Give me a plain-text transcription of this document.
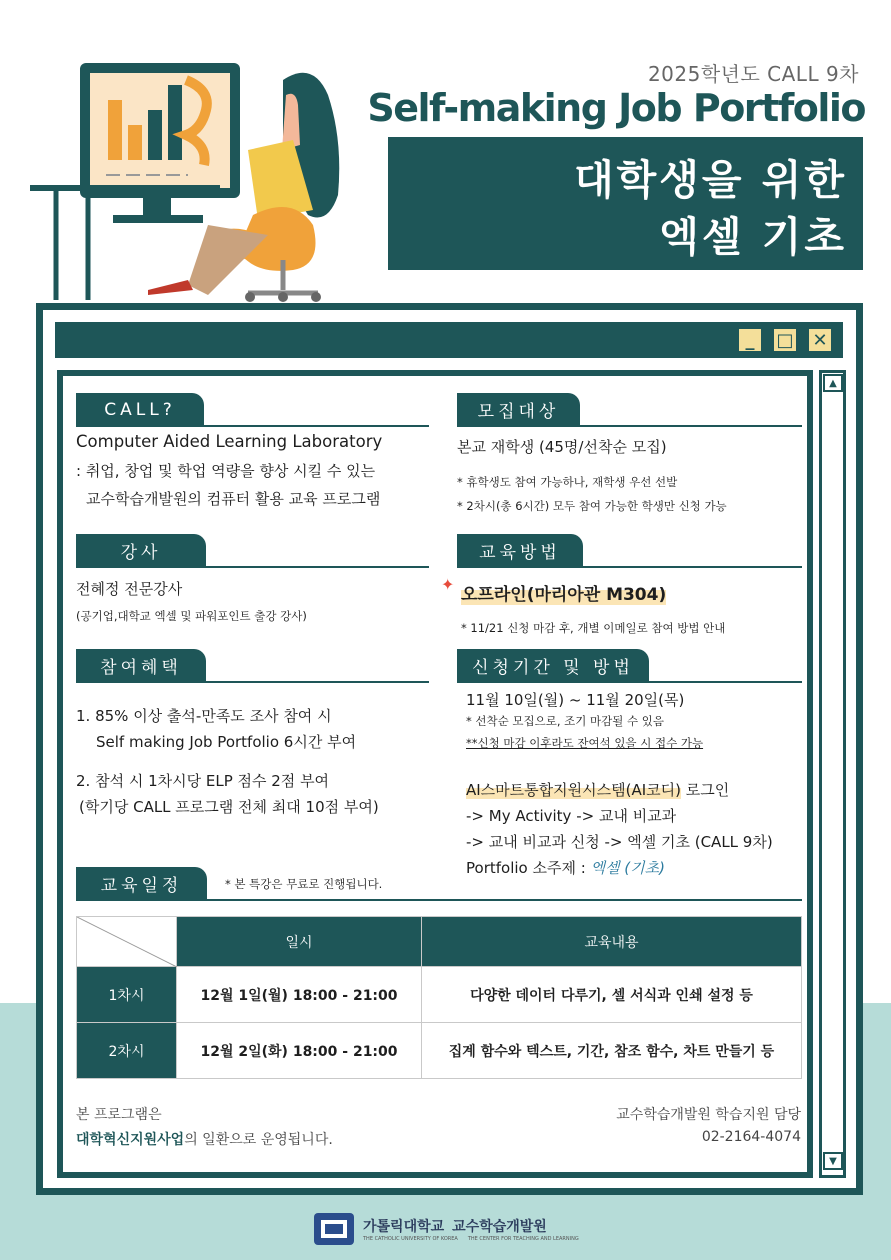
2025학년도 CALL 9차
Self-making Job Portfolio
대학생을 위한
엑셀 기초
_	□	✕
▲
▼
CALL?
Computer Aided Learning Laboratory
: 취업, 창업 및 학업 역량을 향상 시킬 수 있는
교수학습개발원의 컴퓨터 활용 교육 프로그램
모집대상
본교 재학생 (45명/선착순 모집)
* 휴학생도 참여 가능하나, 재학생 우선 선발
* 2차시(총 6시간) 모두 참여 가능한 학생만 신청 가능
강사
전혜정 전문강사
(공기업,대학교 엑셀 및 파워포인트 출강 강사)
교육방법
✦
오프라인(마리아관 M304)
* 11/21 신청 마감 후, 개별 이메일로 참여 방법 안내
참여혜택
1. 85% 이상 출석-만족도 조사 참여 시
Self making Job Portfolio 6시간 부여
2. 참석 시 1차시당 ELP 점수 2점 부여
(학기당 CALL 프로그램 전체 최대 10점 부여)
신청기간 및 방법
11월 10일(월) ~ 11월 20일(목)
* 선착순 모집으로, 조기 마감될 수 있음
**신청 마감 이후라도 잔여석 있을 시 접수 가능
AI스마트통합지원시스템(AI코디) 로그인
-> My Activity -> 교내 비교과
-> 교내 비교과 신청 -> 엑셀 기초 (CALL 9차)
Portfolio 소주제 : 엑셀 (기초)
교육일정	* 본 특강은 무료로 진행됩니다.
	일시	교육내용
1차시	12월 1일(월) 18:00 - 21:00	다양한 데이터 다루기, 셀 서식과 인쇄 설정 등
2차시	12월 2일(화) 18:00 - 21:00	집계 함수와 텍스트, 기간, 참조 함수, 차트 만들기 등
본 프로그램은
대학혁신지원사업의 일환으로 운영됩니다.
교수학습개발원 학습지원 담당
02-2164-4074
가톨릭대학교 교수학습개발원
THE CATHOLIC UNIVERSITY OF KOREA THE CENTER FOR TEACHING AND LEARNING
